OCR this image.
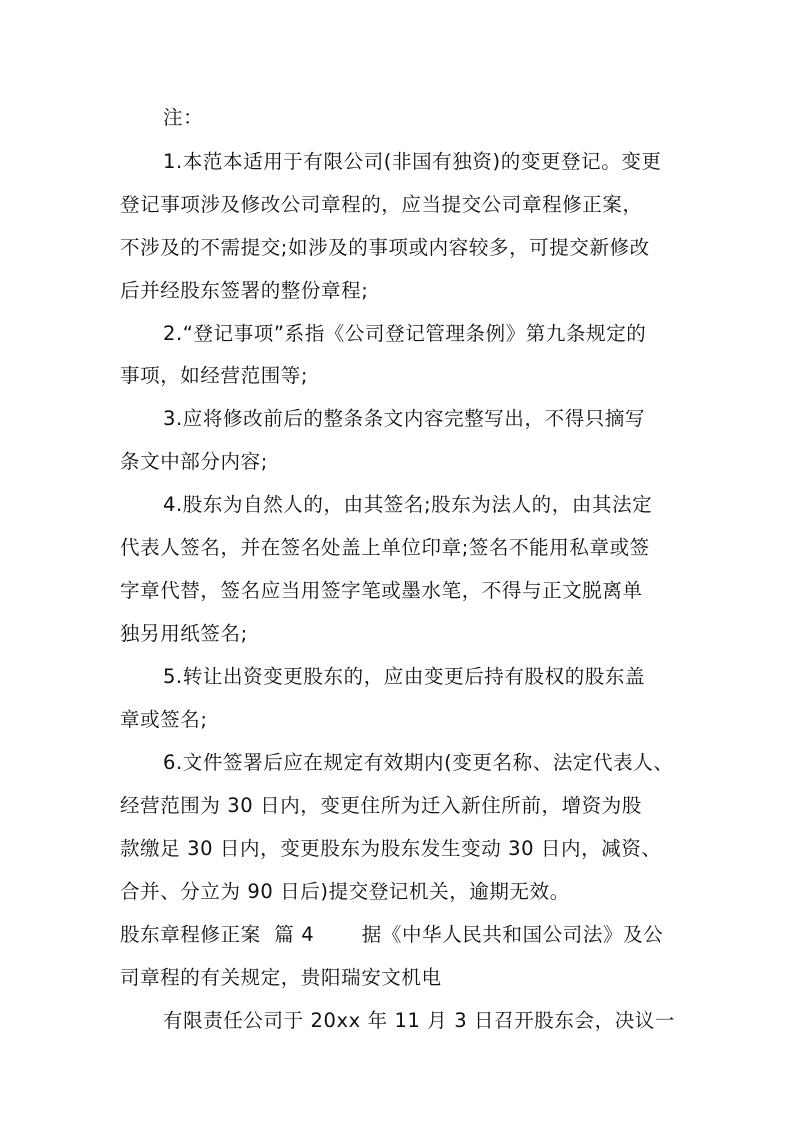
注：
1.本范本适用于有限公司(非国有独资)的变更登记。变更
登记事项涉及修改公司章程的，应当提交公司章程修正案，
不涉及的不需提交;如涉及的事项或内容较多，可提交新修改
后并经股东签署的整份章程;
2.“登记事项”系指《公司登记管理条例》第九条规定的
事项，如经营范围等;
3.应将修改前后的整条条文内容完整写出，不得只摘写
条文中部分内容;
4.股东为自然人的，由其签名;股东为法人的，由其法定
代表人签名，并在签名处盖上单位印章;签名不能用私章或签
字章代替，签名应当用签字笔或墨水笔，不得与正文脱离单
独另用纸签名;
5.转让出资变更股东的，应由变更后持有股权的股东盖
章或签名;
6.文件签署后应在规定有效期内(变更名称、法定代表人、
经营范围为 30 日内，变更住所为迁入新住所前，增资为股
款缴足 30 日内，变更股东为股东发生变动 30 日内，减资、
合并、分立为 90 日后)提交登记机关，逾期无效。
股东章程修正案  篇 4       据《中华人民共和国公司法》及公
司章程的有关规定，贵阳瑞安文机电
有限责任公司于 20xx 年 11 月 3 日召开股东会，决议一
